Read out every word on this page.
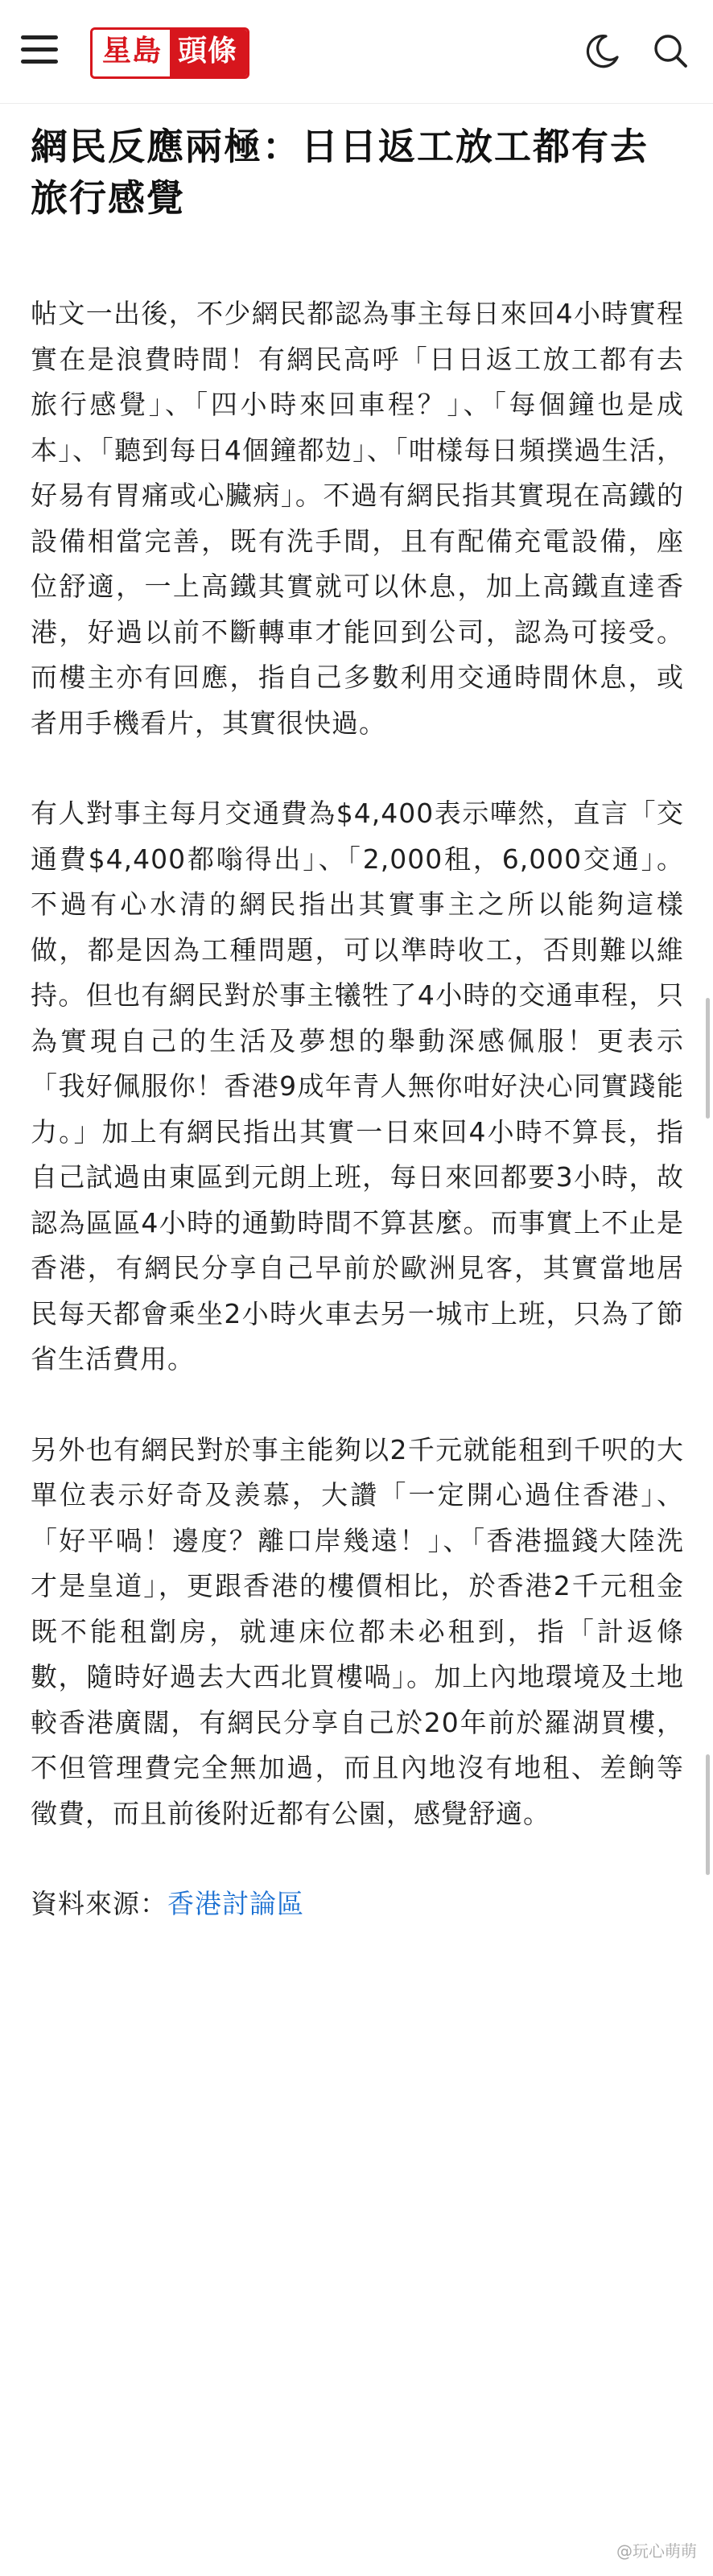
星島 頭條
網民反應兩極：日日返工放工都有去旅行感覺

帖文一出後，不少網民都認為事主每日來回4小時實程實在是浪費時間！有網民高呼「日日返工放工都有去旅行感覺」、「四小時來回車程？」、「每個鐘也是成本」、「聽到每日4個鐘都攰」、「咁樣每日頻撲過生活，好易有胃痛或心臟病」。不過有網民指其實現在高鐵的設備相當完善，既有洗手間，且有配備充電設備，座位舒適，一上高鐵其實就可以休息，加上高鐵直達香港，好過以前不斷轉車才能回到公司，認為可接受。而樓主亦有回應，指自己多數利用交通時間休息，或者用手機看片，其實很快過。

有人對事主每月交通費為$4,400表示嘩然，直言「交通費$4,400都嗡得出」、「2,000租，6,000交通」。不過有心水清的網民指出其實事主之所以能夠這樣做，都是因為工種問題，可以準時收工，否則難以維持。但也有網民對於事主犧牲了4小時的交通車程，只為實現自己的生活及夢想的舉動深感佩服！更表示「我好佩服你！香港9成年青人無你咁好決心同實踐能力。」加上有網民指出其實一日來回4小時不算長，指自己試過由東區到元朗上班，每日來回都要3小時，故認為區區4小時的通勤時間不算甚麼。而事實上不止是香港，有網民分享自己早前於歐洲見客，其實當地居民每天都會乘坐2小時火車去另一城市上班，只為了節省生活費用。

另外也有網民對於事主能夠以2千元就能租到千呎的大單位表示好奇及羨慕，大讚「一定開心過住香港」、「好平喎！邊度？離口岸幾遠！」、「香港搵錢大陸洗才是皇道」，更跟香港的樓價相比，於香港2千元租金既不能租劏房，就連床位都未必租到，指「計返條數，隨時好過去大西北買樓喎」。加上內地環境及土地較香港廣闊，有網民分享自己於20年前於羅湖買樓，不但管理費完全無加過，而且內地沒有地租、差餉等徵費，而且前後附近都有公園，感覺舒適。

資料來源：香港討論區
@玩心萌萌
